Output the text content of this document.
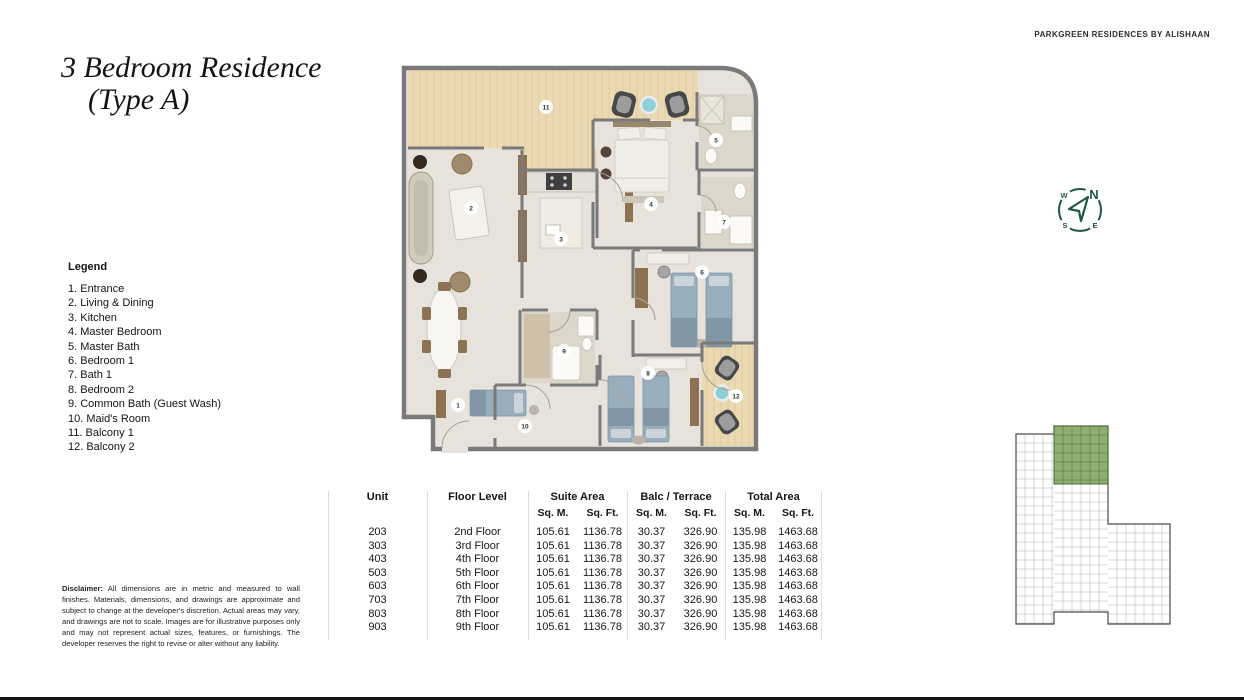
PARKGREEN RESIDENCES BY ALISHAAN
3 Bedroom Residence
(Type A)
Legend
1. Entrance
2. Living & Dining
3. Kitchen
4. Master Bedroom
5. Master Bath
6. Bedroom 1
7. Bath 1
8. Bedroom 2
9. Common Bath (Guest Wash)
10. Maid's Room
11. Balcony 1
12. Balcony 2
Disclaimer: All dimensions are in metric and measured to wall finishes. Materials, dimensions, and drawings are approximate and subject to change at the developer's discretion. Actual areas may vary, and drawings are not to scale. Images are for illustrative purposes only and may not represent actual sizes, features, or furnishings. The developer reserves the right to revise or alter without any liability.
1
2
3
4
5
6
7
8
9
10
11
12
N
W
S	E
Unit	Floor Level	Suite Area	Balc / Terrace	Total Area
Sq. M.	Sq. Ft.	Sq. M.	Sq. Ft.	Sq. M.	Sq. Ft.
203	2nd Floor	105.61	1136.78	30.37	326.90	135.98	1463.68
303	3rd Floor	105.61	1136.78	30.37	326.90	135.98	1463.68
403	4th Floor	105.61	1136.78	30.37	326.90	135.98	1463.68
503	5th Floor	105.61	1136.78	30.37	326.90	135.98	1463.68
603	6th Floor	105.61	1136.78	30.37	326.90	135.98	1463.68
703	7th Floor	105.61	1136.78	30.37	326.90	135.98	1463.68
803	8th Floor	105.61	1136.78	30.37	326.90	135.98	1463.68
903	9th Floor	105.61	1136.78	30.37	326.90	135.98	1463.68
